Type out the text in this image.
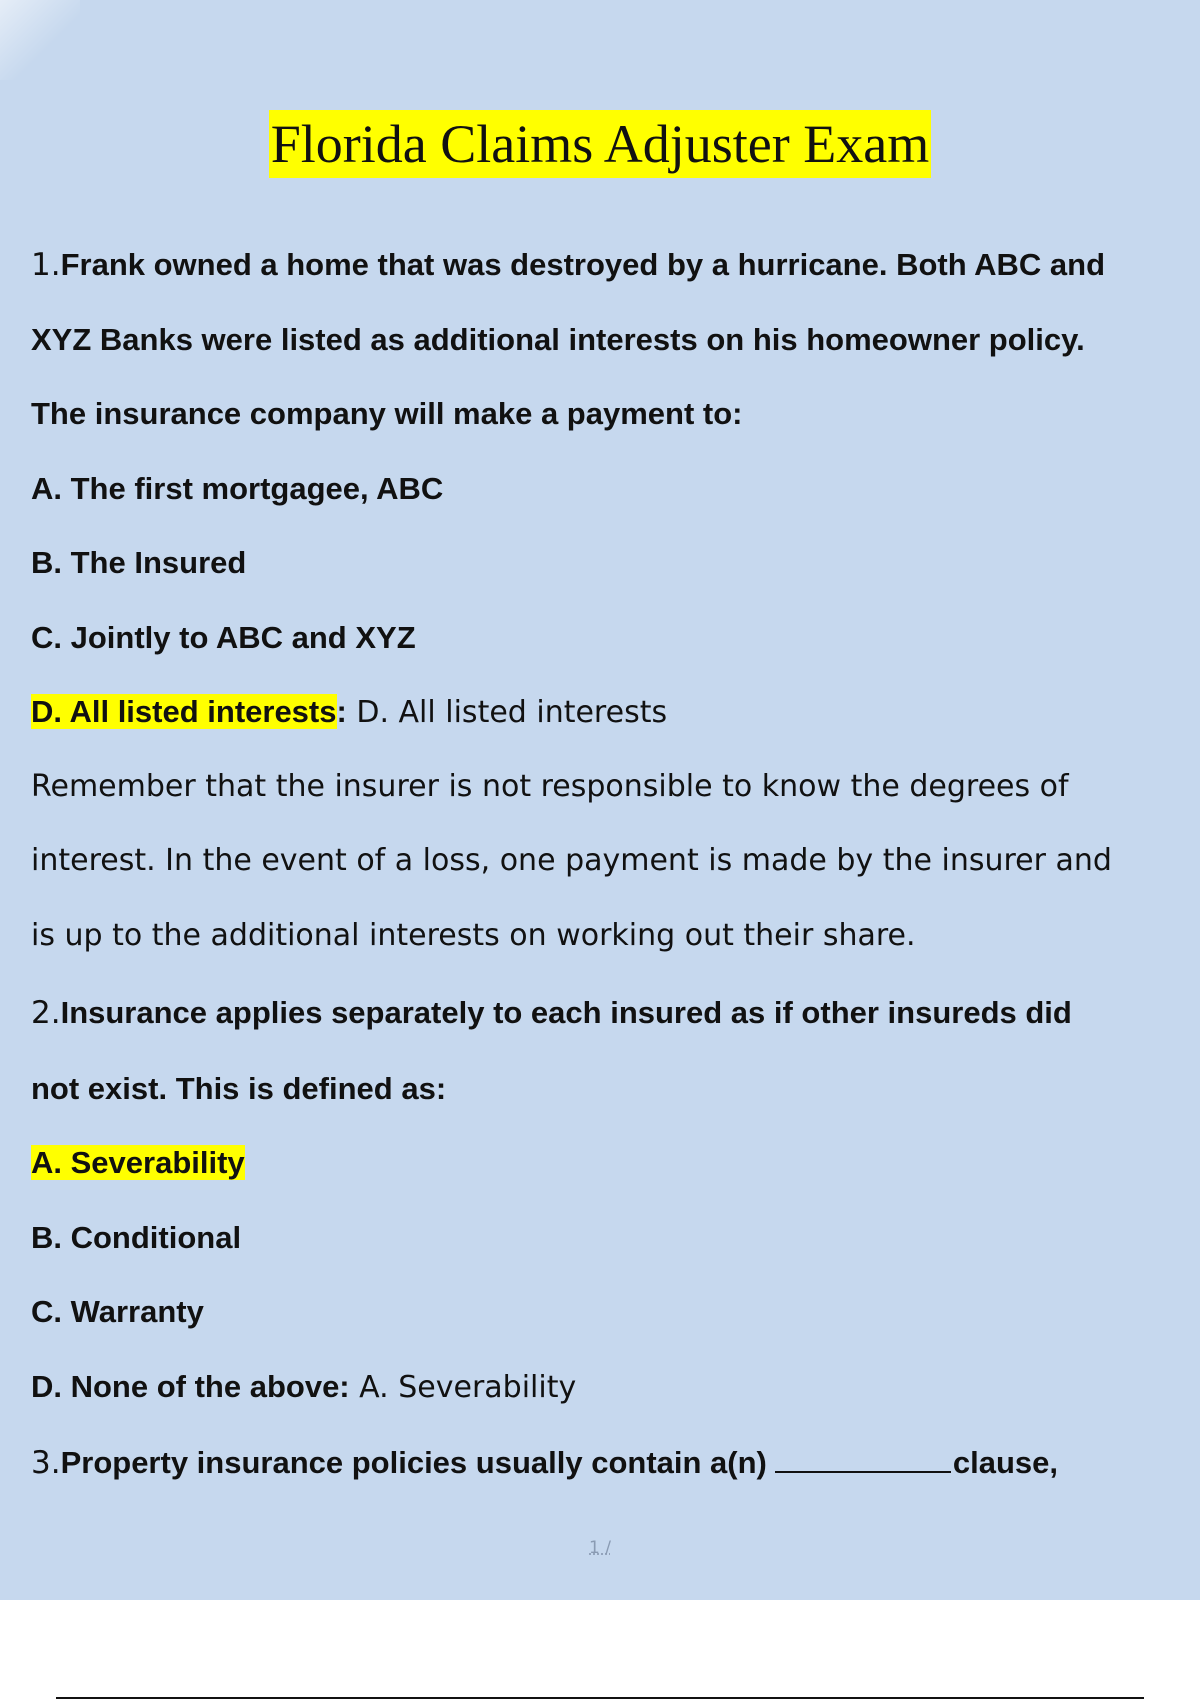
Florida Claims Adjuster Exam
1.Frank owned a home that was destroyed by a hurricane. Both ABC and
XYZ Banks were listed as additional interests on his homeowner policy.
The insurance company will make a payment to:
A. The first mortgagee, ABC
B. The Insured
C. Jointly to ABC and XYZ
D. All listed interests: D. All listed interests
Remember that the insurer is not responsible to know the degrees of
interest. In the event of a loss, one payment is made by the insurer and
is up to the additional interests on working out their share.
2.Insurance applies separately to each insured as if other insureds did
not exist. This is defined as:
A. Severability
B. Conditional
C. Warranty
D. None of the above: A. Severability
3.Property insurance policies usually contain a(n)	clause,
1 /
